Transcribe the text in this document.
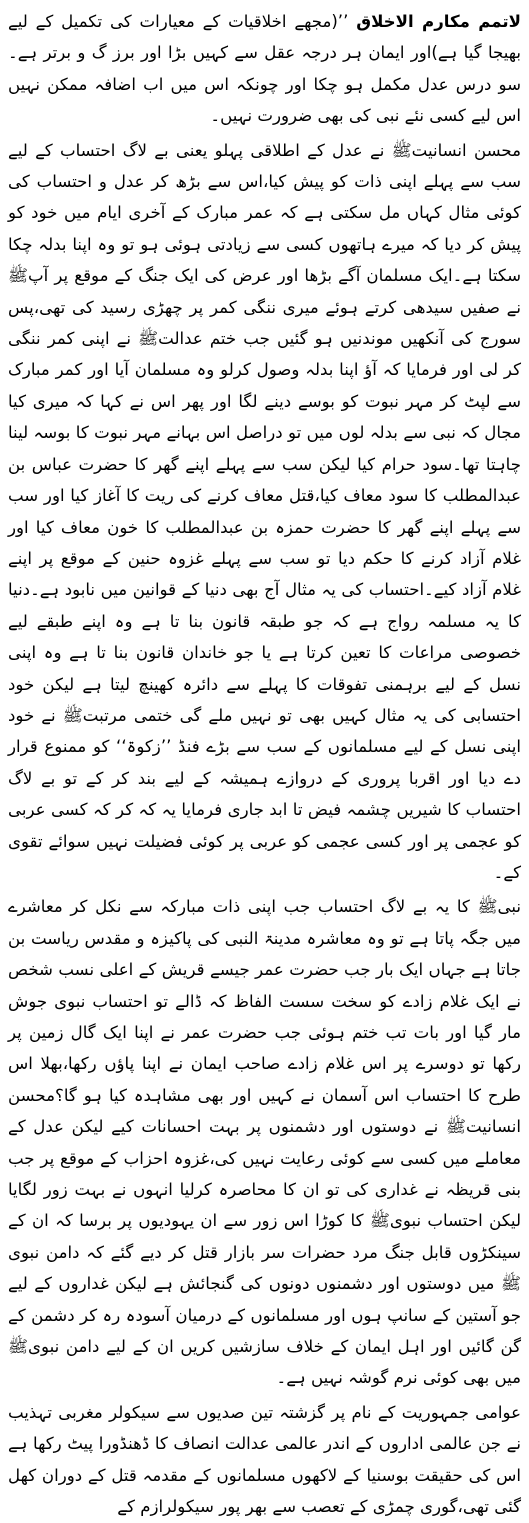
لاتمم مکارم الاخلاق ’’(مجھے اخلاقیات کے معیارات کی تکمیل کے لیے بھیجا گیا ہے)اور ایمان ہر درجہ عقل سے کہیں بڑا اور برز گ و برتر ہے۔سو درس عدل مکمل ہو چکا اور چونکہ اس میں اب اضافہ ممکن نہیں اس لیے کسی نئے نبی کی بھی ضرورت نہیں۔

محسن انسانیتﷺ نے عدل کے اطلاقی پہلو یعنی بے لاگ احتساب کے لیے سب سے پہلے اپنی ذات کو پیش کیا،اس سے بڑھ کر عدل و احتساب کی کوئی مثال کہاں مل سکتی ہے کہ عمر مبارک کے آخری ایام میں خود کو پیش کر دیا کہ میرے ہاتھوں کسی سے زیادتی ہوئی ہو تو وہ اپنا بدلہ چکا سکتا ہے۔ایک مسلمان آگے بڑھا اور عرض کی ایک جنگ کے موقع پر آپﷺ نے صفیں سیدھی کرتے ہوئے میری ننگی کمر پر چھڑی رسید کی تھی،پس سورج کی آنکھیں موندنیں ہو گئیں جب ختم عدالتﷺ نے اپنی کمر ننگی کر لی اور فرمایا کہ آؤ اپنا بدلہ وصول کرلو وہ مسلمان آیا اور کمر مبارک سے لپٹ کر مہر نبوت کو بوسے دینے لگا اور پھر اس نے کہا کہ میری کیا مجال کہ نبی سے بدلہ لوں میں تو دراصل اس بہانے مہر نبوت کا بوسہ لینا چاہتا تھا۔سود حرام کیا لیکن سب سے پہلے اپنے گھر کا حضرت عباس بن عبدالمطلب کا سود معاف کیا،قتل معاف کرنے کی ریت کا آغاز کیا اور سب سے پہلے اپنے گھر کا حضرت حمزہ بن عبدالمطلب کا خون معاف کیا اور غلام آزاد کرنے کا حکم دیا تو سب سے پہلے غزوہ حنین کے موقع پر اپنے غلام آزاد کیے۔احتساب کی یہ مثال آج بھی دنیا کے قوانین میں نابود ہے۔دنیا کا یہ مسلمہ رواج ہے کہ جو طبقہ قانون بنا تا ہے وہ اپنے طبقے لیے خصوصی مراعات کا تعین کرتا ہے یا جو خاندان قانون بنا تا ہے وہ اپنی نسل کے لیے برہمنی تفوقات کا پہلے سے دائرہ کھینچ لیتا ہے لیکن خود احتسابی کی یہ مثال کہیں بھی تو نہیں ملے گی ختمی مرتبتﷺ نے خود اپنی نسل کے لیے مسلمانوں کے سب سے بڑے فنڈ ’’زکوۃ‘‘ کو ممنوع قرار دے دیا اور اقربا پروری کے دروازے ہمیشہ کے لیے بند کر کے تو بے لاگ احتساب کا شیریں چشمہ فیض تا ابد جاری فرمایا یہ کہ کر کہ کسی عربی کو عجمی پر اور کسی عجمی کو عربی پر کوئی فضیلت نہیں سوائے تقوی کے۔

نبیﷺ کا یہ بے لاگ احتساب جب اپنی ذات مبارکہ سے نکل کر معاشرے میں جگہ پاتا ہے تو وہ معاشرہ مدینۃ النبی کی پاکیزہ و مقدس ریاست بن جاتا ہے جہاں ایک بار جب حضرت عمر جیسے قریش کے اعلی نسب شخص نے ایک غلام زادے کو سخت سست الفاظ کہ ڈالے تو احتساب نبوی جوش مار گیا اور بات تب ختم ہوئی جب حضرت عمر نے اپنا ایک گال زمین پر رکھا تو دوسرے پر اس غلام زادے صاحب ایمان نے اپنا پاؤں رکھا،بھلا اس طرح کا احتساب اس آسمان نے کہیں اور بھی مشاہدہ کیا ہو گا؟محسن انسانیتﷺ نے دوستوں اور دشمنوں پر بہت احسانات کیے لیکن عدل کے معاملے میں کسی سے کوئی رعایت نہیں کی،غزوہ احزاب کے موقع پر جب بنی قریظہ نے غداری کی تو ان کا محاصرہ کرلیا انہوں نے بہت زور لگایا لیکن احتساب نبویﷺ کا کوڑا اس زور سے ان یہودیوں پر برسا کہ ان کے سینکڑوں قابل جنگ مرد حضرات سر بازار قتل کر دیے گئے کہ دامن نبوی ﷺ میں دوستوں اور دشمنوں دونوں کی گنجائش ہے لیکن غداروں کے لیے جو آستین کے سانپ ہوں اور مسلمانوں کے درمیان آسودہ رہ کر دشمن کے گن گائیں اور اہل ایمان کے خلاف سازشیں کریں ان کے لیے دامن نبویﷺ میں بھی کوئی نرم گوشہ نہیں ہے۔

عوامی جمہوریت کے نام پر گزشتہ تین صدیوں سے سیکولر مغربی تہذیب نے جن عالمی اداروں کے اندر عالمی عدالت انصاف کا ڈھنڈورا پیٹ رکھا ہے اس کی حقیقت بوسنیا کے لاکھوں مسلمانوں کے مقدمہ قتل کے دوران کھل گئی تھی،گوری چمڑی کے تعصب سے بھر پور سیکولرازم کے
